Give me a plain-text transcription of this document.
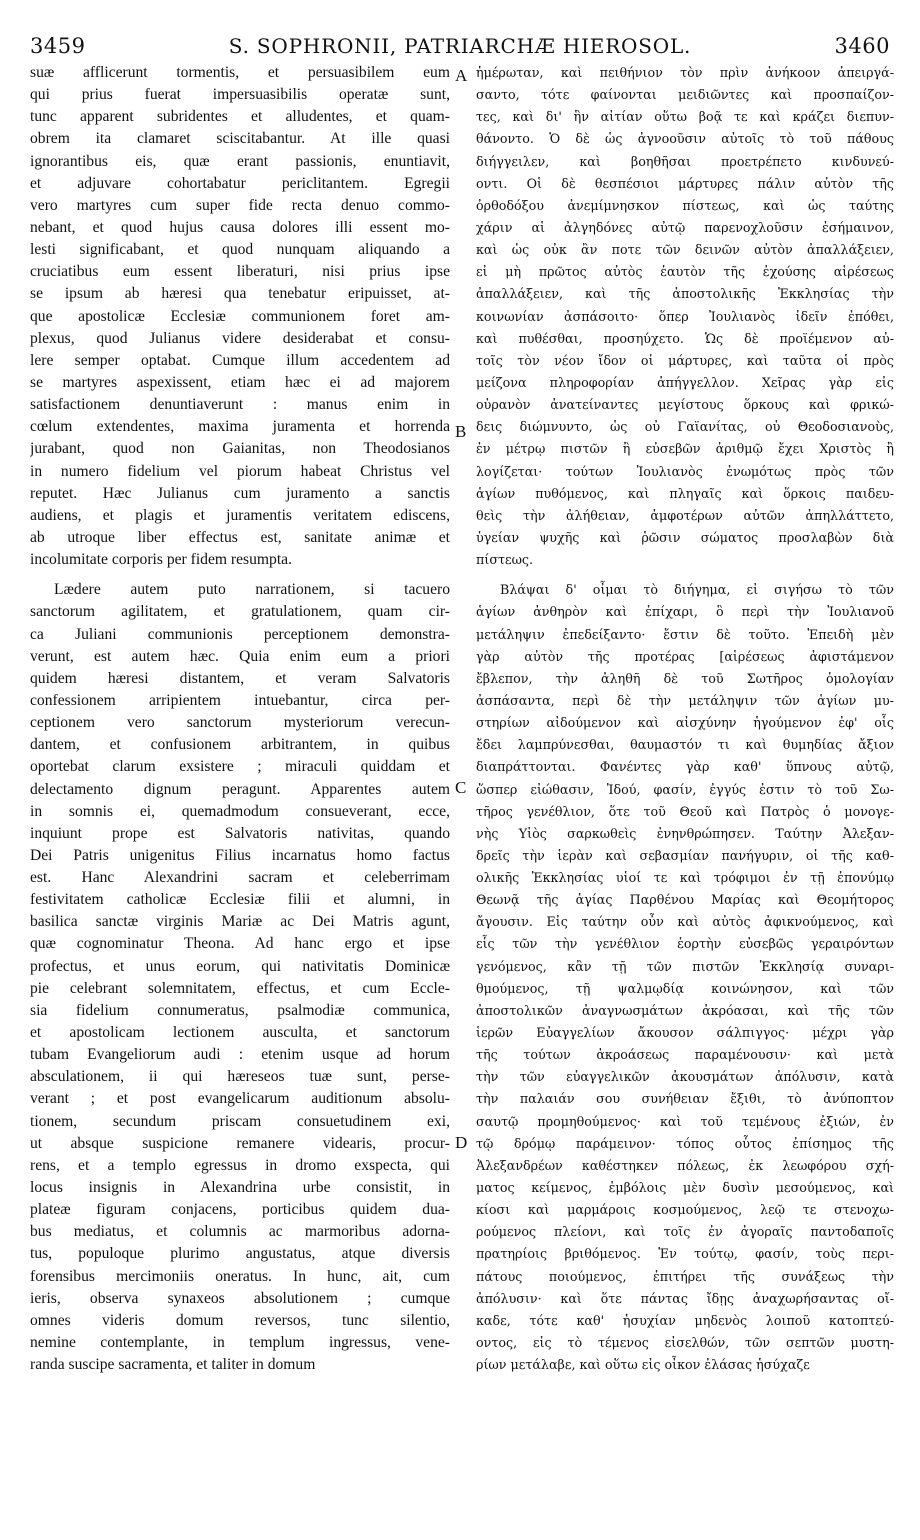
3459	S. SOPHRONII, PATRIARCHÆ HIEROSOL.	3460
suæ afflicerunt tormentis, et persuasibilem eum
qui prius fuerat impersuasibilis operatæ sunt,
tunc apparent subridentes et alludentes, et quam-
obrem ita clamaret sciscitabantur. At ille quasi
ignorantibus eis, quæ erant passionis, enuntiavit,
et adjuvare cohortabatur periclitantem. Egregii
vero martyres cum super fide recta denuo commo-
nebant, et quod hujus causa dolores illi essent mo-
lesti significabant, et quod nunquam aliquando a
cruciatibus eum essent liberaturi, nisi prius ipse
se ipsum ab hæresi qua tenebatur eripuisset, at-
que apostolicæ Ecclesiæ communionem foret am-
plexus, quod Julianus videre desiderabat et consu-
lere semper optabat. Cumque illum accedentem ad
se martyres aspexissent, etiam hæc ei ad majorem
satisfactionem denuntiaverunt : manus enim in
cœlum extendentes, maxima juramenta et horrenda
jurabant, quod non Gaianitas, non Theodosianos
in numero fidelium vel piorum habeat Christus vel
reputet. Hæc Julianus cum juramento a sanctis
audiens, et plagis et juramentis veritatem ediscens,
ab utroque liber effectus est, sanitate animæ et
incolumitate corporis per fidem resumpta.
Lædere autem puto narrationem, si tacuero
sanctorum agilitatem, et gratulationem, quam cir-
ca Juliani communionis perceptionem demonstra-
verunt, est autem hæc. Quia enim eum a priori
quidem hæresi distantem, et veram Salvatoris
confessionem arripientem intuebantur, circa per-
ceptionem vero sanctorum mysteriorum verecun-
dantem, et confusionem arbitrantem, in quibus
oportebat clarum exsistere ; miraculi quiddam et
delectamento dignum peragunt. Apparentes autem
in somnis ei, quemadmodum consueverant, ecce,
inquiunt prope est Salvatoris nativitas, quando
Dei Patris unigenitus Filius incarnatus homo factus
est. Hanc Alexandrini sacram et celeberrimam
festivitatem catholicæ Ecclesiæ filii et alumni, in
basilica sanctæ virginis Mariæ ac Dei Matris agunt,
quæ cognominatur Theona. Ad hanc ergo et ipse
profectus, et unus eorum, qui nativitatis Dominicæ
pie celebrant solemnitatem, effectus, et cum Eccle-
sia fidelium connumeratus, psalmodiæ communica,
et apostolicam lectionem ausculta, et sanctorum
tubam Evangeliorum audi : etenim usque ad horum
absculationem, ii qui hæreseos tuæ sunt, perse-
verant ; et post evangelicarum auditionum absolu-
tionem, secundum priscam consuetudinem exi,
ut absque suspicione remanere videaris, procur-
rens, et a templo egressus in dromo exspecta, qui
locus insignis in Alexandrina urbe consistit, in
plateæ figuram conjacens, porticibus quidem dua-
bus mediatus, et columnis ac marmoribus adorna-
tus, populoque plurimo angustatus, atque diversis
forensibus mercimoniis oneratus. In hunc, ait, cum
ieris, observa synaxeos absolutionem ; cumque
omnes videris domum reversos, tunc silentio,
nemine contemplante, in templum ingressus, vene-
randa suscipe sacramenta, et taliter in domum
ἡμέρωταν, καὶ πειθήνιον τὸν πρὶν ἀνήκοον ἀπειργά-
σαντο, τότε φαίνονται μειδιῶντες καὶ προσπαίζον-
τες, καὶ δι' ἣν αἰτίαν οὕτω βοᾷ τε καὶ κράζει διεπυν-
θάνοντο. Ὁ δὲ ὡς ἀγνοοῦσιν αὐτοῖς τὸ τοῦ πάθους
διήγγειλεν, καὶ βοηθῆσαι προετρέπετο κινδυνεύ-
οντι. Οἱ δὲ θεσπέσιοι μάρτυρες πάλιν αὐτὸν τῆς
ὀρθοδόξου ἀνεμίμνησκον πίστεως, καὶ ὡς ταύτης
χάριν αἱ ἀλγηδόνες αὐτῷ παρενοχλοῦσιν ἐσήμαινον,
καὶ ὡς οὐκ ἂν ποτε τῶν δεινῶν αὐτὸν ἀπαλλάξειεν,
εἰ μὴ πρῶτος αὐτὸς ἑαυτὸν τῆς ἐχούσης αἱρέσεως
ἀπαλλάξειεν, καὶ τῆς ἀποστολικῆς Ἐκκλησίας τὴν
κοινωνίαν ἀσπάσοιτο· ὅπερ Ἰουλιανὸς ἰδεῖν ἐπόθει,
καὶ πυθέσθαι, προσηύχετο. Ὡς δὲ προϊέμενον αὐ-
τοῖς τὸν νέον ἴδον οἱ μάρτυρες, καὶ ταῦτα οἱ πρὸς
μείζονα πληροφορίαν ἀπήγγελλον. Χεῖρας γὰρ εἰς
οὐρανὸν ἀνατείναντες μεγίστους ὅρκους καὶ φρικώ-
δεις διώμνυντο, ὡς οὐ Γαϊανίτας, οὐ Θεοδοσιανοὺς,
ἐν μέτρῳ πιστῶν ἢ εὐσεβῶν ἀριθμῷ ἔχει Χριστὸς ἢ
λογίζεται· τούτων Ἰουλιανὸς ἐνωμότως πρὸς τῶν
ἁγίων πυθόμενος, καὶ πληγαῖς καὶ ὅρκοις παιδευ-
θεὶς τὴν ἀλήθειαν, ἀμφοτέρων αὐτῶν ἀπηλλάττετο,
ὑγείαν ψυχῆς καὶ ῥῶσιν σώματος προσλαβὼν διὰ
πίστεως.
Βλάψαι δ' οἶμαι τὸ διήγημα, εἰ σιγήσω τὸ τῶν
ἁγίων ἀνθηρὸν καὶ ἐπίχαρι, ὃ περὶ τὴν Ἰουλιανοῦ
μετάληψιν ἐπεδείξαντο· ἔστιν δὲ τοῦτο. Ἐπειδὴ μὲν
γὰρ αὐτὸν τῆς προτέρας [αἱρέσεως ἀφιστάμενον
ἔβλεπον, τὴν ἀληθῆ δὲ τοῦ Σωτῆρος ὁμολογίαν
ἀσπάσαντα, περὶ δὲ τὴν μετάληψιν τῶν ἁγίων μυ-
στηρίων αἰδούμενον καὶ αἰσχύνην ἡγούμενον ἐφ' οἷς
ἔδει λαμπρύνεσθαι, θαυμαστόν τι καὶ θυμηδίας ἄξιον
διαπράττονται. Φανέντες γὰρ καθ' ὕπνους αὐτῷ,
ὥσπερ εἰώθασιν, Ἰδού, φασίν, ἐγγύς ἐστιν τὸ τοῦ Σω-
τῆρος γενέθλιον, ὅτε τοῦ Θεοῦ καὶ Πατρὸς ὁ μονογε-
νὴς Υἱὸς σαρκωθεὶς ἐνηνθρώπησεν. Ταύτην Ἀλεξαν-
δρεῖς τὴν ἱερὰν καὶ σεβασμίαν πανήγυριν, οἱ τῆς καθ-
ολικῆς Ἐκκλησίας υἱοί τε καὶ τρόφιμοι ἐν τῇ ἐπονύμῳ
Θεωνᾷ τῆς ἁγίας Παρθένου Μαρίας καὶ Θεομήτορος
ἄγουσιν. Εἰς ταύτην οὖν καὶ αὐτὸς ἀφικνούμενος, καὶ
εἷς τῶν τὴν γενέθλιον ἑορτὴν εὐσεβῶς γεραιρόντων
γενόμενος, κἂν τῇ τῶν πιστῶν Ἐκκλησίᾳ συναρι-
θμούμενος, τῇ ψαλμῳδίᾳ κοινώνησον, καὶ τῶν
ἀποστολικῶν ἀναγνωσμάτων ἀκρόασαι, καὶ τῆς τῶν
ἱερῶν Εὐαγγελίων ἄκουσον σάλπιγγος· μέχρι γὰρ
τῆς τούτων ἀκροάσεως παραμένουσιν· καὶ μετὰ
τὴν τῶν εὐαγγελικῶν ἀκουσμάτων ἀπόλυσιν, κατὰ
τὴν παλαιάν σου συνήθειαν ἔξιθι, τὸ ἀνύποπτον
σαυτῷ προμηθούμενος· καὶ τοῦ τεμένους ἐξιών, ἐν
τῷ δρόμῳ παράμεινον· τόπος οὗτος ἐπίσημος τῆς
Ἀλεξανδρέων καθέστηκεν πόλεως, ἐκ λεωφόρου σχή-
ματος κείμενος, ἐμβόλοις μὲν δυσὶν μεσούμενος, καὶ
κίοσι καὶ μαρμάροις κοσμούμενος, λεῷ τε στενοχω-
ρούμενος πλείονι, καὶ τοῖς ἐν ἀγοραῖς παντοδαποῖς
πρατηρίοις βριθόμενος. Ἐν τούτῳ, φασίν, τοὺς περι-
πάτους ποιούμενος, ἐπιτήρει τῆς συνάξεως τὴν
ἀπόλυσιν· καὶ ὅτε πάντας ἴδῃς ἀναχωρήσαντας οἴ-
καδε, τότε καθ' ἡσυχίαν μηδενὸς λοιποῦ κατοπτεύ-
οντος, εἰς τὸ τέμενος εἰσελθών, τῶν σεπτῶν μυστη-
ρίων μετάλαβε, καὶ οὕτω εἰς οἶκον ἐλάσας ἡσύχαζε
A
B
C
D
